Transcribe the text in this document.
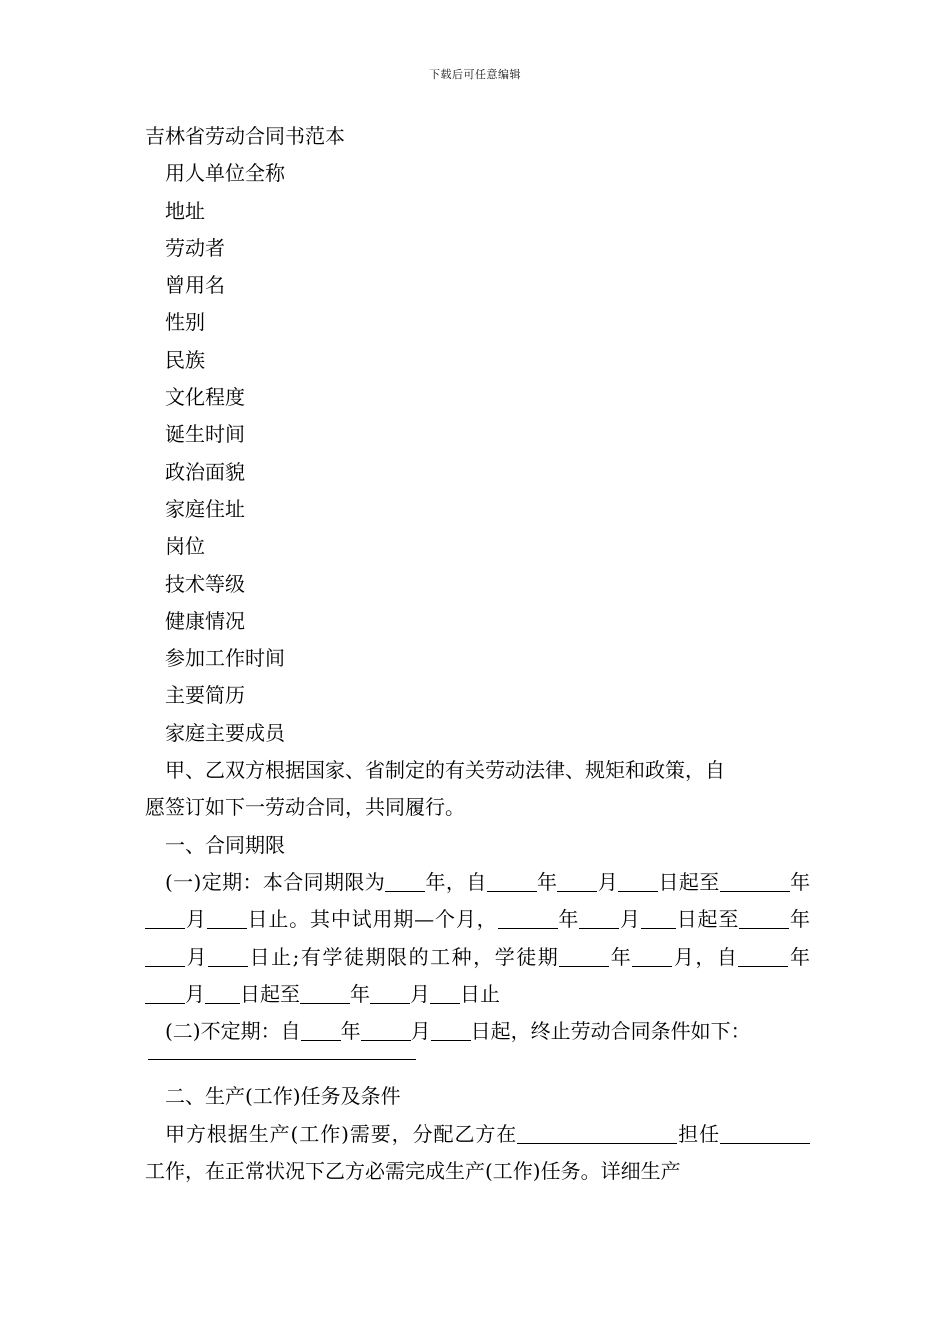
下载后可任意编辑
吉林省劳动合同书范本
用人单位全称
地址
劳动者
曾用名
性别
民族
文化程度
诞生时间
政治面貌
家庭住址
岗位
技术等级
健康情况
参加工作时间
主要简历
家庭主要成员
甲、乙双方根据国家、省制定的有关劳动法律、规矩和政策，自
愿签订如下一劳动合同，共同履行。
一、合同期限
(一)定期：本合同期限为 年，自	年 月 日起至	年月 日止。其中试用期—个月，	年 月 日起至	年月 日止;有学徒期限的工种，学徒期	年 月，自	年月 日起至	年 月 日止
(二)不定期：自 年	月 日起，终止劳动合同条件如下：
二、生产(工作)任务及条件
甲方根据生产(工作)需要，分配乙方在	担任 工作，在正常状况下乙方必需完成生产(工作)任务。详细生产
